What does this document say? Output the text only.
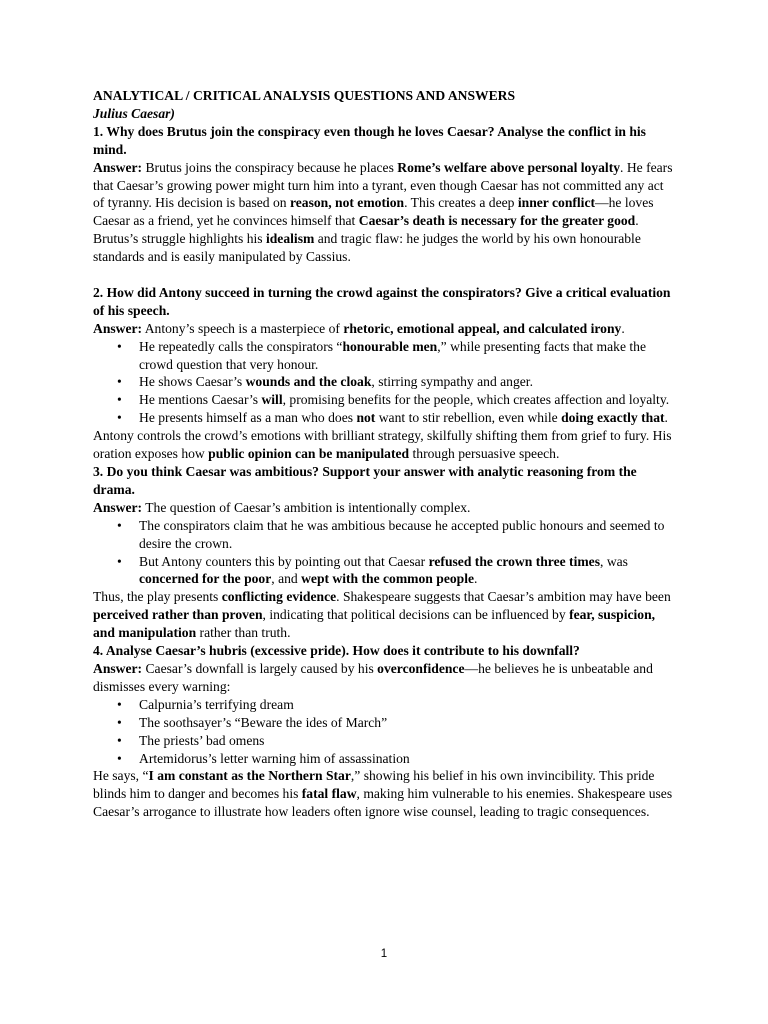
ANALYTICAL / CRITICAL ANALYSIS QUESTIONS AND ANSWERS

Julius Caesar)

1. Why does Brutus join the conspiracy even though he loves Caesar? Analyse the conflict in his mind.

Answer: Brutus joins the conspiracy because he places Rome’s welfare above personal loyalty. He fears that Caesar’s growing power might turn him into a tyrant, even though Caesar has not committed any act of tyranny. His decision is based on reason, not emotion. This creates a deep inner conflict—he loves Caesar as a friend, yet he convinces himself that Caesar’s death is necessary for the greater good. Brutus’s struggle highlights his idealism and tragic flaw: he judges the world by his own honourable standards and is easily manipulated by Cassius.

2. How did Antony succeed in turning the crowd against the conspirators? Give a critical evaluation of his speech.

Answer: Antony’s speech is a masterpiece of rhetoric, emotional appeal, and calculated irony.

• He repeatedly calls the conspirators “honourable men,” while presenting facts that make the crowd question that very honour.
• He shows Caesar’s wounds and the cloak, stirring sympathy and anger.
• He mentions Caesar’s will, promising benefits for the people, which creates affection and loyalty.
• He presents himself as a man who does not want to stir rebellion, even while doing exactly that.

Antony controls the crowd’s emotions with brilliant strategy, skilfully shifting them from grief to fury. His oration exposes how public opinion can be manipulated through persuasive speech.

3. Do you think Caesar was ambitious? Support your answer with analytic reasoning from the drama.

Answer: The question of Caesar’s ambition is intentionally complex.

• The conspirators claim that he was ambitious because he accepted public honours and seemed to desire the crown.
• But Antony counters this by pointing out that Caesar refused the crown three times, was concerned for the poor, and wept with the common people.

Thus, the play presents conflicting evidence. Shakespeare suggests that Caesar’s ambition may have been perceived rather than proven, indicating that political decisions can be influenced by fear, suspicion, and manipulation rather than truth.

4. Analyse Caesar’s hubris (excessive pride). How does it contribute to his downfall?

Answer: Caesar’s downfall is largely caused by his overconfidence—he believes he is unbeatable and dismisses every warning:

• Calpurnia’s terrifying dream
• The soothsayer’s “Beware the ides of March”
• The priests’ bad omens
• Artemidorus’s letter warning him of assassination

He says, “I am constant as the Northern Star,” showing his belief in his own invincibility. This pride blinds him to danger and becomes his fatal flaw, making him vulnerable to his enemies. Shakespeare uses Caesar’s arrogance to illustrate how leaders often ignore wise counsel, leading to tragic consequences.

1
